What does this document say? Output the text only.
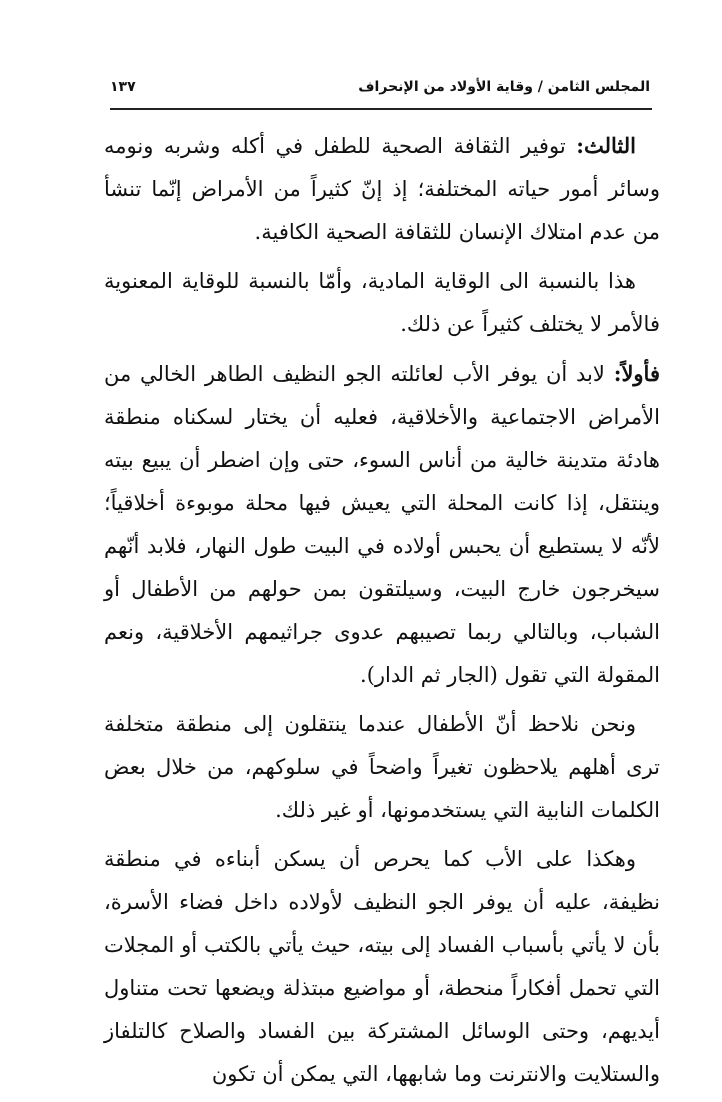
١٣٧	المجلس الثامن / وقاية الأولاد من الإنحراف

الثالث: توفير الثقافة الصحية للطفل في أكله وشربه ونومه وسائر أمور حياته المختلفة؛ إذ إنّ كثيراً من الأمراض إنّما تنشأ من عدم امتلاك الإنسان للثقافة الصحية الكافية.

هذا بالنسبة الى الوقاية المادية، وأمّا بالنسبة للوقاية المعنوية فالأمر لا يختلف كثيراً عن ذلك.

فأولاً: لابد أن يوفر الأب لعائلته الجو النظيف الطاهر الخالي من الأمراض الاجتماعية والأخلاقية، فعليه أن يختار لسكناه منطقة هادئة متدينة خالية من أناس السوء، حتى وإن اضطر أن يبيع بيته وينتقل، إذا كانت المحلة التي يعيش فيها محلة موبوءة أخلاقياً؛ لأنّه لا يستطيع أن يحبس أولاده في البيت طول النهار، فلابد أنّهم سيخرجون خارج البيت، وسيلتقون بمن حولهم من الأطفال أو الشباب، وبالتالي ربما تصيبهم عدوى جراثيمهم الأخلاقية، ونعم المقولة التي تقول (الجار ثم الدار).

ونحن نلاحظ أنّ الأطفال عندما ينتقلون إلى منطقة متخلفة ترى أهلهم يلاحظون تغيراً واضحاً في سلوكهم، من خلال بعض الكلمات النابية التي يستخدمونها، أو غير ذلك.

وهكذا على الأب كما يحرص أن يسكن أبناءه في منطقة نظيفة، عليه أن يوفر الجو النظيف لأولاده داخل فضاء الأسرة، بأن لا يأتي بأسباب الفساد إلى بيته، حيث يأتي بالكتب أو المجلات التي تحمل أفكاراً منحطة، أو مواضيع مبتذلة ويضعها تحت متناول أيديهم، وحتى الوسائل المشتركة بين الفساد والصلاح كالتلفاز والستلايت والانترنت وما شابهها، التي يمكن أن تكون
